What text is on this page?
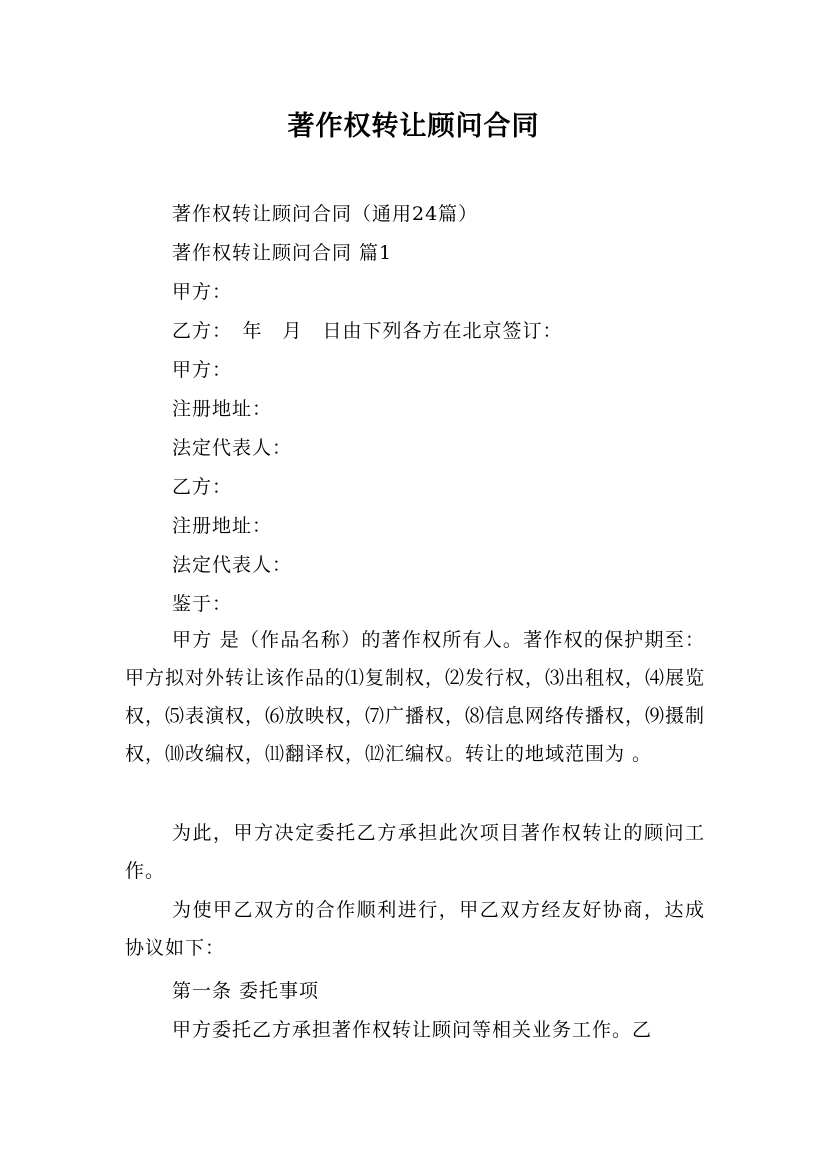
著作权转让顾问合同
著作权转让顾问合同（通用24篇）
著作权转让顾问合同 篇1
甲方：
乙方：　年　月　日由下列各方在北京签订：
甲方：
注册地址：
法定代表人：
乙方：
注册地址：
法定代表人：
鉴于：
甲方 是（作品名称）的著作权所有人。著作权的保护期至：甲方拟对外转让该作品的⑴复制权，⑵发行权，⑶出租权，⑷展览权，⑸表演权，⑹放映权，⑺广播权，⑻信息网络传播权，⑼摄制权，⑽改编权，⑾翻译权，⑿汇编权。转让的地域范围为 。
为此，甲方决定委托乙方承担此次项目著作权转让的顾问工作。
为使甲乙双方的合作顺利进行，甲乙双方经友好协商，达成协议如下：
第一条 委托事项
甲方委托乙方承担著作权转让顾问等相关业务工作。乙
